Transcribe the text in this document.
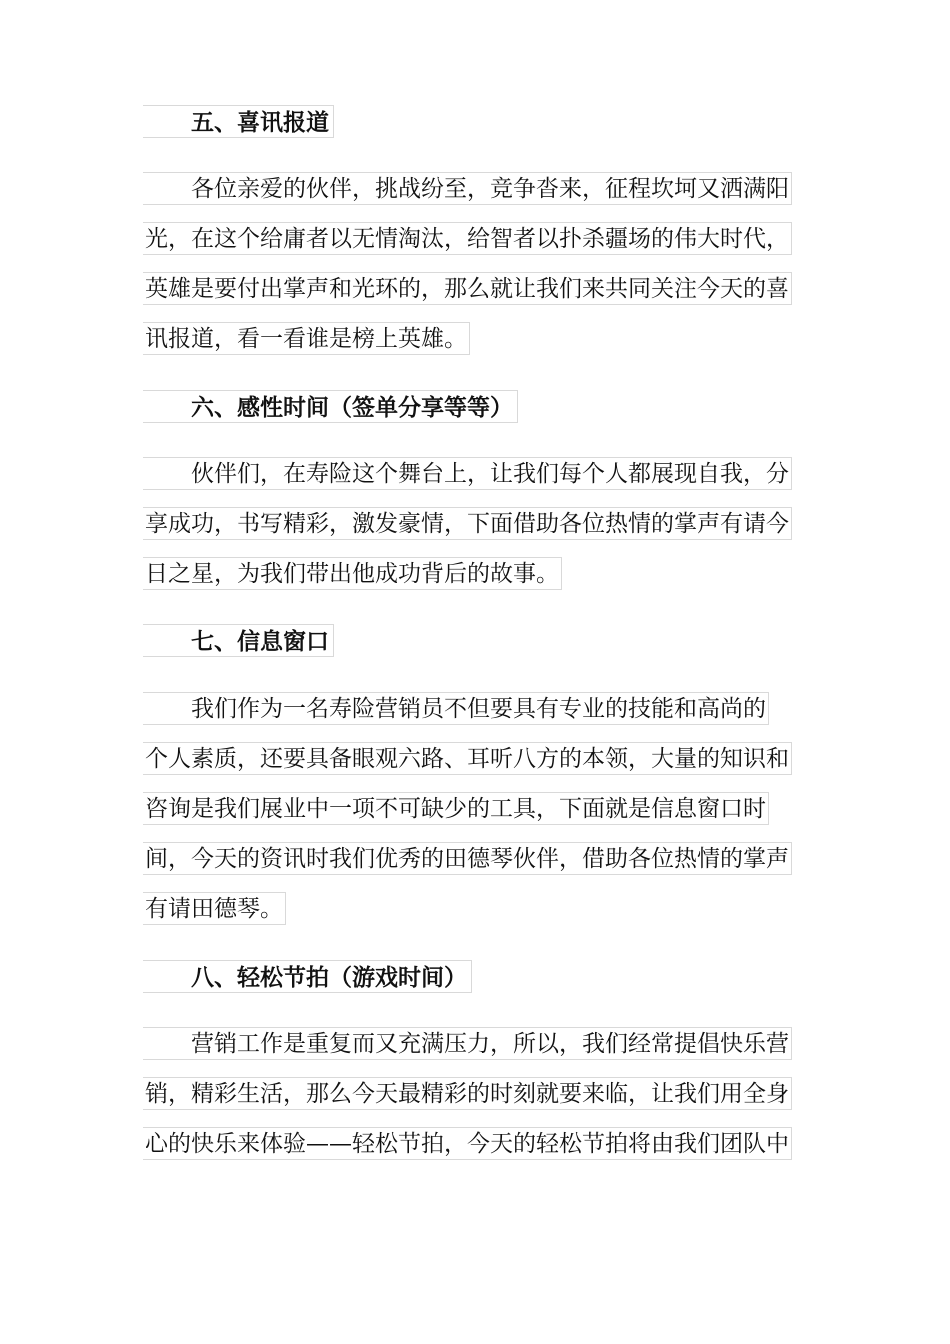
五、喜讯报道
各位亲爱的伙伴，挑战纷至，竞争沓来，征程坎坷又洒满阳
光，在这个给庸者以无情淘汰，给智者以扑杀疆场的伟大时代，
英雄是要付出掌声和光环的，那么就让我们来共同关注今天的喜
讯报道，看一看谁是榜上英雄。
六、感性时间（签单分享等等）
伙伴们，在寿险这个舞台上，让我们每个人都展现自我，分
享成功，书写精彩，激发豪情，下面借助各位热情的掌声有请今
日之星，为我们带出他成功背后的故事。
七、信息窗口
我们作为一名寿险营销员不但要具有专业的技能和高尚的
个人素质，还要具备眼观六路、耳听八方的本领，大量的知识和
咨询是我们展业中一项不可缺少的工具，下面就是信息窗口时
间，今天的资讯时我们优秀的田德琴伙伴，借助各位热情的掌声
有请田德琴。
八、轻松节拍（游戏时间）
营销工作是重复而又充满压力，所以，我们经常提倡快乐营
销，精彩生活，那么今天最精彩的时刻就要来临，让我们用全身
心的快乐来体验——轻松节拍，今天的轻松节拍将由我们团队中
